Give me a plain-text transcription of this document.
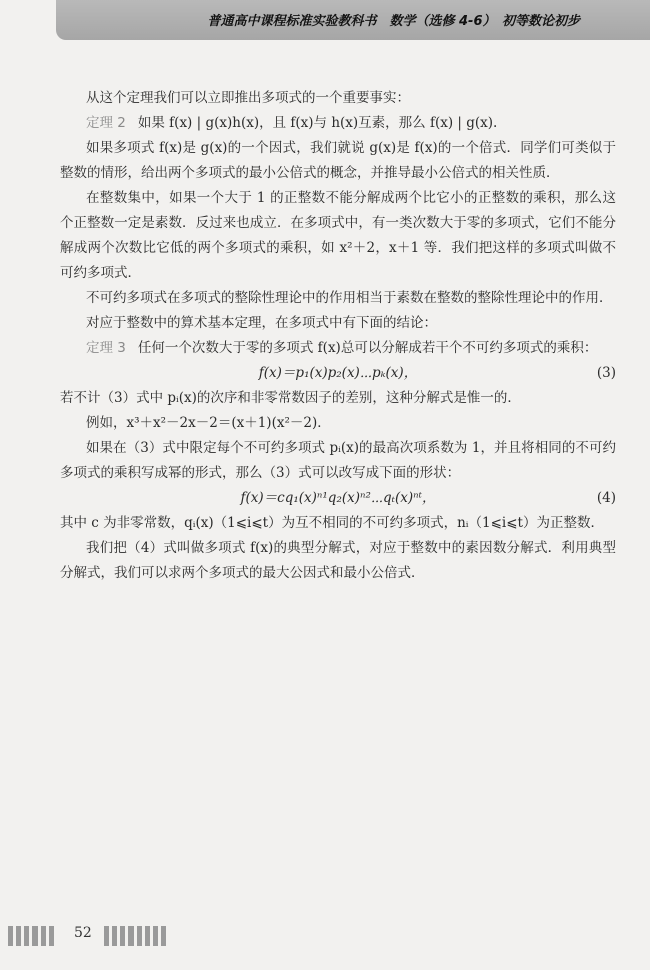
普通高中课程标准实验教科书　数学（选修 4-6）　初等数论初步

从这个定理我们可以立即推出多项式的一个重要事实：

定理 2 如果 f(x) | g(x)h(x)，且 f(x)与 h(x)互素，那么 f(x) | g(x).

如果多项式 f(x)是 g(x)的一个因式，我们就说 g(x)是 f(x)的一个倍式．同学们可类似于整数的情形，给出两个多项式的最小公倍式的概念，并推导最小公倍式的相关性质．

在整数集中，如果一个大于 1 的正整数不能分解成两个比它小的正整数的乘积，那么这个正整数一定是素数．反过来也成立．在多项式中，有一类次数大于零的多项式，它们不能分解成两个次数比它低的两个多项式的乘积，如 x²＋2，x＋1 等．我们把这样的多项式叫做不可约多项式．

不可约多项式在多项式的整除性理论中的作用相当于素数在整数的整除性理论中的作用．

对应于整数中的算术基本定理，在多项式中有下面的结论：

定理 3 任何一个次数大于零的多项式 f(x)总可以分解成若干个不可约多项式的乘积：

f(x)＝p₁(x)p₂(x)⋯pₖ(x)，	(3)

若不计（3）式中 pᵢ(x)的次序和非零常数因子的差别，这种分解式是惟一的．

例如，x³＋x²－2x－2＝(x＋1)(x²－2)．

如果在（3）式中限定每个不可约多项式 pᵢ(x)的最高次项系数为 1，并且将相同的不可约多项式的乘积写成幂的形式，那么（3）式可以改写成下面的形状：

f(x)＝cq₁(x)ⁿ¹q₂(x)ⁿ²⋯qₜ(x)ⁿᵗ，	(4)

其中 c 为非零常数，qᵢ(x)（1⩽i⩽t）为互不相同的不可约多项式，nᵢ（1⩽i⩽t）为正整数．

我们把（4）式叫做多项式 f(x)的典型分解式，对应于整数中的素因数分解式．利用典型分解式，我们可以求两个多项式的最大公因式和最小公倍式．

52
